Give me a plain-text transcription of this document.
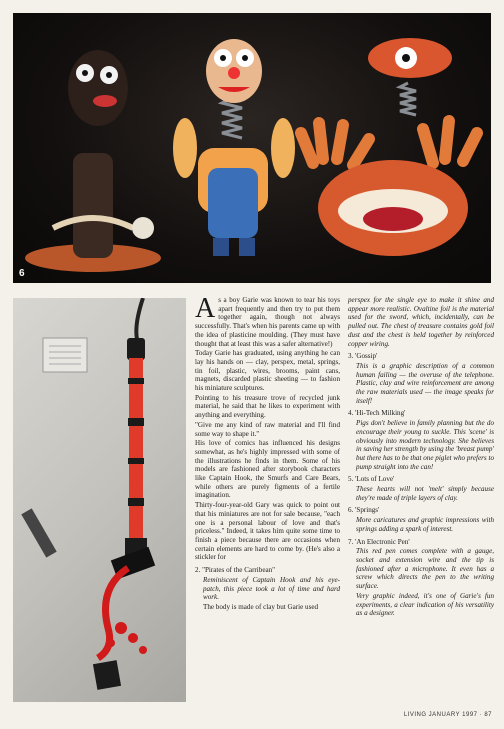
6

As a boy Garie was known to tear his toys apart frequently and then try to put them together again, though not always successfully. That's when his parents came up with the idea of plasticine moulding. (They must have thought that at least this was a safer alternative!)

Today Garie has graduated, using anything he can lay his hands on — clay, perspex, metal, springs, tin foil, plastic, wires, brooms, paint cans, magnets, discarded plastic sheeting — to fashion his miniature sculptures.

Pointing to his treasure trove of recycled junk material, he said that he likes to experiment with anything and everything.

"Give me any kind of raw material and I'll find some way to shape it."

His love of comics has influenced his designs somewhat, as he's highly impressed with some of the illustrations he finds in them. Some of his models are fashioned after storybook characters like Captain Hook, the Smurfs and Care Bears, while others are purely figments of a fertile imagination.

Thirty-four-year-old Gary was quick to point out that his miniatures are not for sale because, "each one is a personal labour of love and that's priceless." Indeed, it takes him quite some time to finish a piece because there are occasions when certain elements are hard to come by. (He's also a stickler for

2. "Pirates of the Carribean"

Reminiscent of Captain Hook and his eye-patch, this piece took a lot of time and hard work.

The body is made of clay but Garie used

perspex for the single eye to make it shine and appear more realistic. Ovaltine foil is the material used for the sword, which, incidentally, can be pulled out. The chest of treasure contains gold foil dust and the chest is held together by reinforced copper wiring.

3. 'Gossip'

This is a graphic description of a common human failing — the overuse of the telephone. Plastic, clay and wire reinforcement are among the raw materials used — the image speaks for itself!

4. 'Hi-Tech Milking'

Pigs don't believe in family planning but the do encourage their young to suckle. This 'scene' is obviously into modern technology. She believes in saving her strength by using the 'breast pump' but there has to be that one piglet who prefers to pump straight into the can!

5. 'Lots of Love'

These hearts will not 'melt' simply because they're made of triple layers of clay.

6. 'Springs'

More caricatures and graphic impressions with springs adding a spark of interest.

7. 'An Electronic Pen'

This red pen comes complete with a gauge, socket and extension wire and the tip is fashioned after a microphone. It even has a screw which directs the pen to the writing surface.

Very graphic indeed, it's one of Garie's fun experiments, a clear indication of his versatility as a designer.

LIVING JANUARY 1997 · 87
